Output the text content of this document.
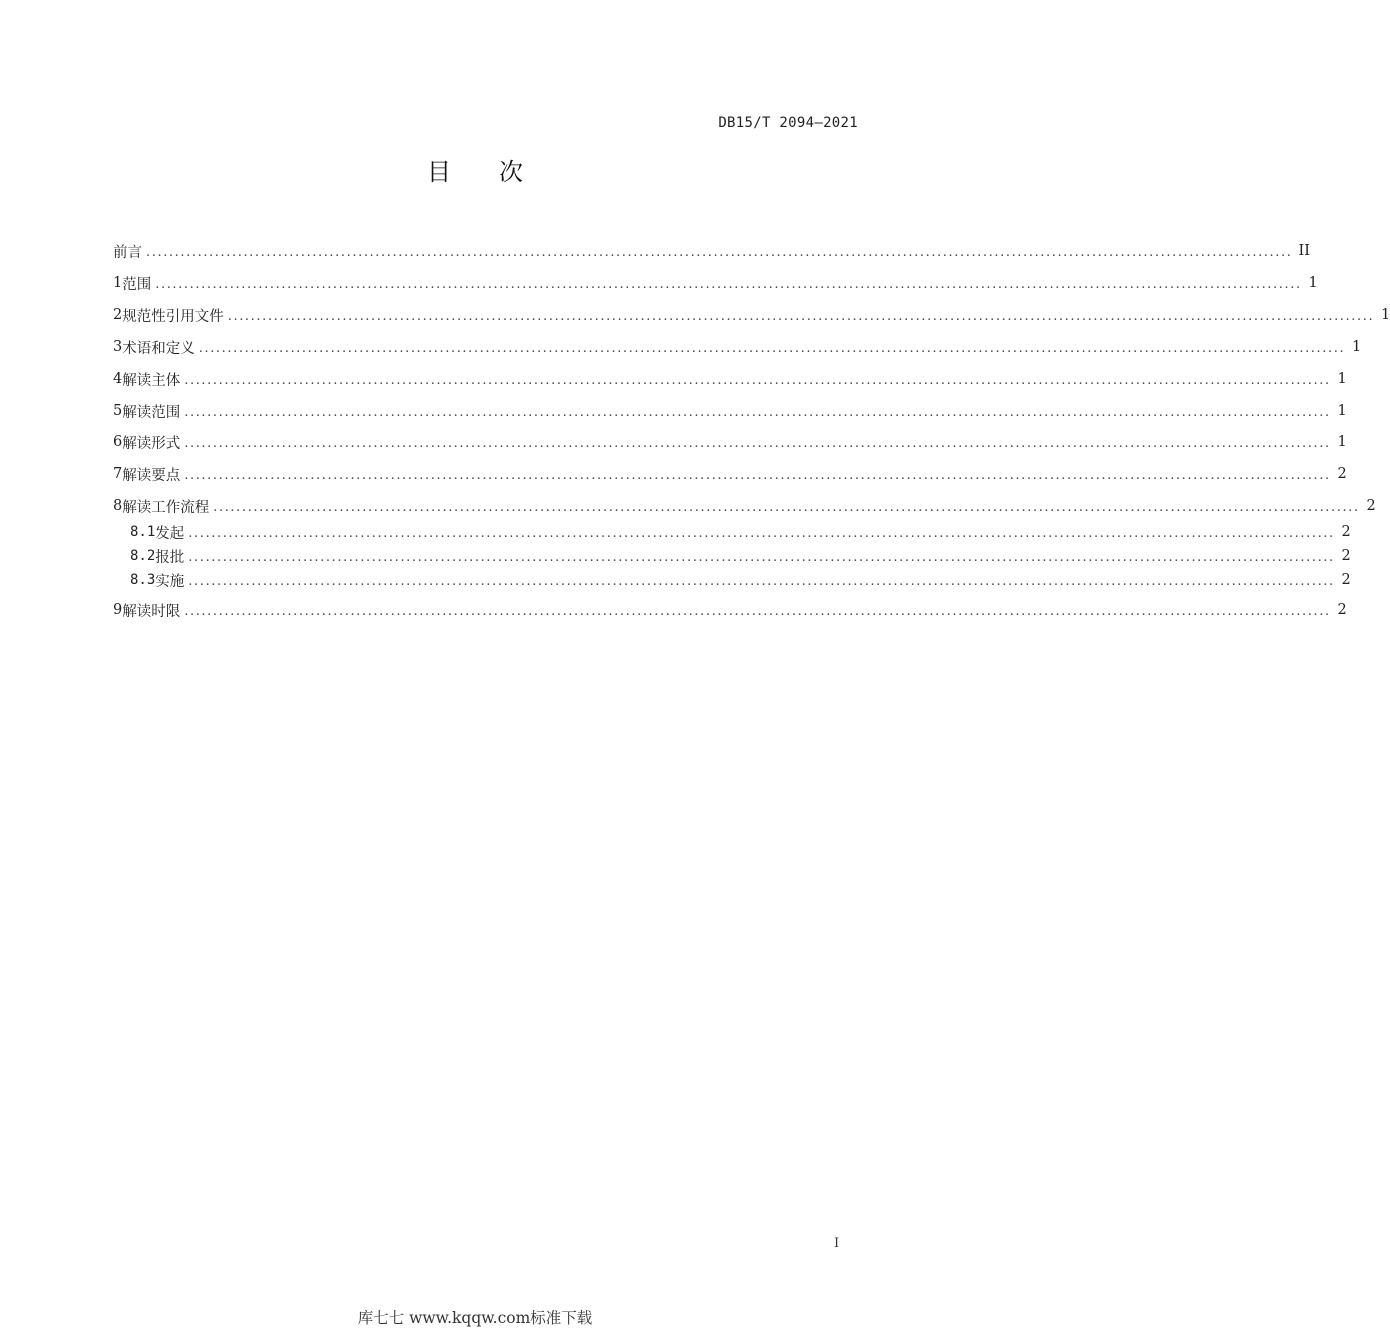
DB15/T 2094—2021
目 次
前言 ........................................................................................................................................................................................................ II
1 范围 ........................................................................................................................................................................................................ 1
2 规范性引用文件 ........................................................................................................................................................................................................ 1
3 术语和定义 ........................................................................................................................................................................................................ 1
4 解读主体 ........................................................................................................................................................................................................ 1
5 解读范围 ........................................................................................................................................................................................................ 1
6 解读形式 ........................................................................................................................................................................................................ 1
7 解读要点 ........................................................................................................................................................................................................ 2
8 解读工作流程 ........................................................................................................................................................................................................ 2
8.1 发起 ........................................................................................................................................................................................................ 2
8.2 报批 ........................................................................................................................................................................................................ 2
8.3 实施 ........................................................................................................................................................................................................ 2
9 解读时限 ........................................................................................................................................................................................................ 2
I
库七七 www.kqqw.com标准下载
